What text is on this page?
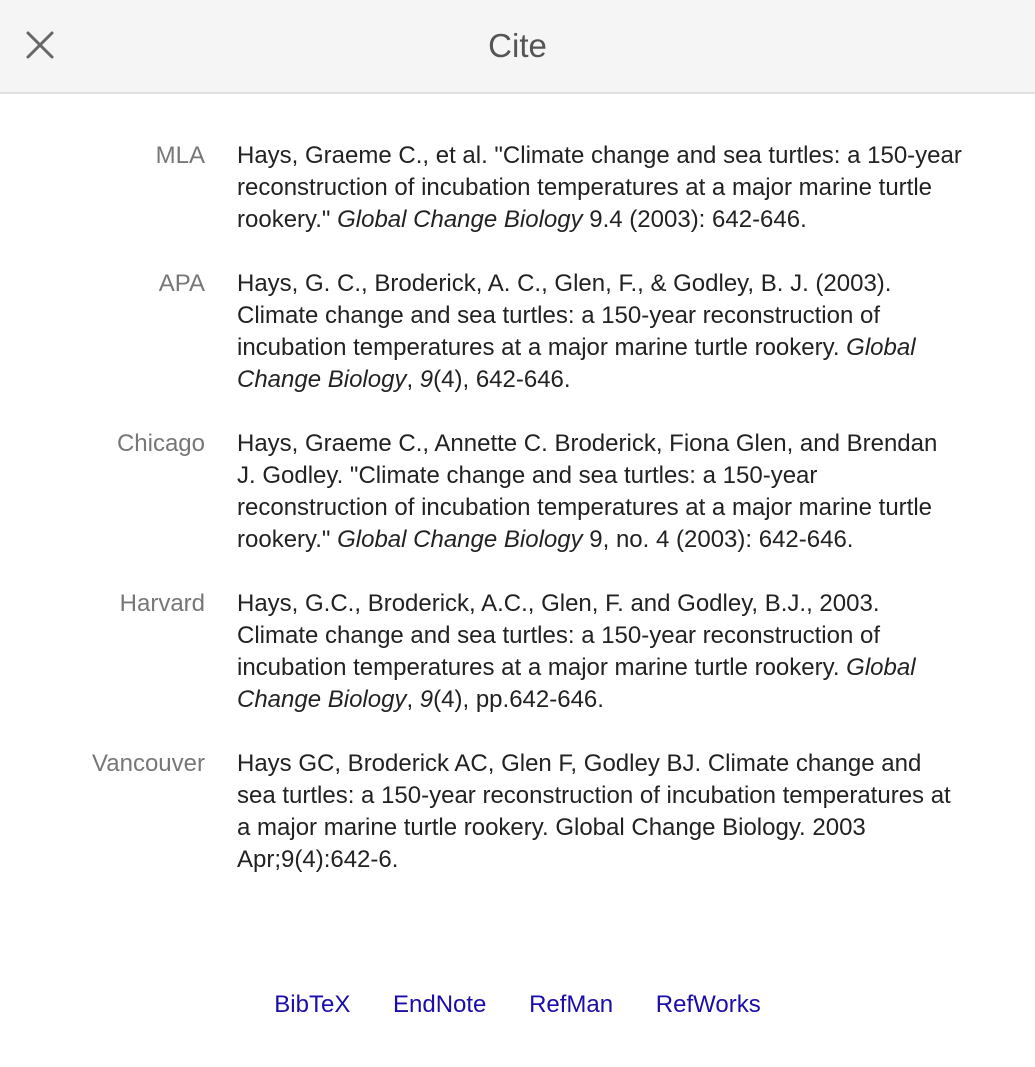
Cite
MLA Hays, Graeme C., et al. "Climate change and sea turtles: a 150-year reconstruction of incubation temperatures at a major marine turtle rookery." Global Change Biology 9.4 (2003): 642-646.
APA Hays, G. C., Broderick, A. C., Glen, F., & Godley, B. J. (2003). Climate change and sea turtles: a 150-year reconstruction of incubation temperatures at a major marine turtle rookery. Global Change Biology, 9(4), 642-646.
Chicago Hays, Graeme C., Annette C. Broderick, Fiona Glen, and Brendan J. Godley. "Climate change and sea turtles: a 150-year reconstruction of incubation temperatures at a major marine turtle rookery." Global Change Biology 9, no. 4 (2003): 642-646.
Harvard Hays, G.C., Broderick, A.C., Glen, F. and Godley, B.J., 2003. Climate change and sea turtles: a 150-year reconstruction of incubation temperatures at a major marine turtle rookery. Global Change Biology, 9(4), pp.642-646.
Vancouver Hays GC, Broderick AC, Glen F, Godley BJ. Climate change and sea turtles: a 150-year reconstruction of incubation temperatures at a major marine turtle rookery. Global Change Biology. 2003 Apr;9(4):642-6.
BibTeX EndNote RefMan RefWorks
